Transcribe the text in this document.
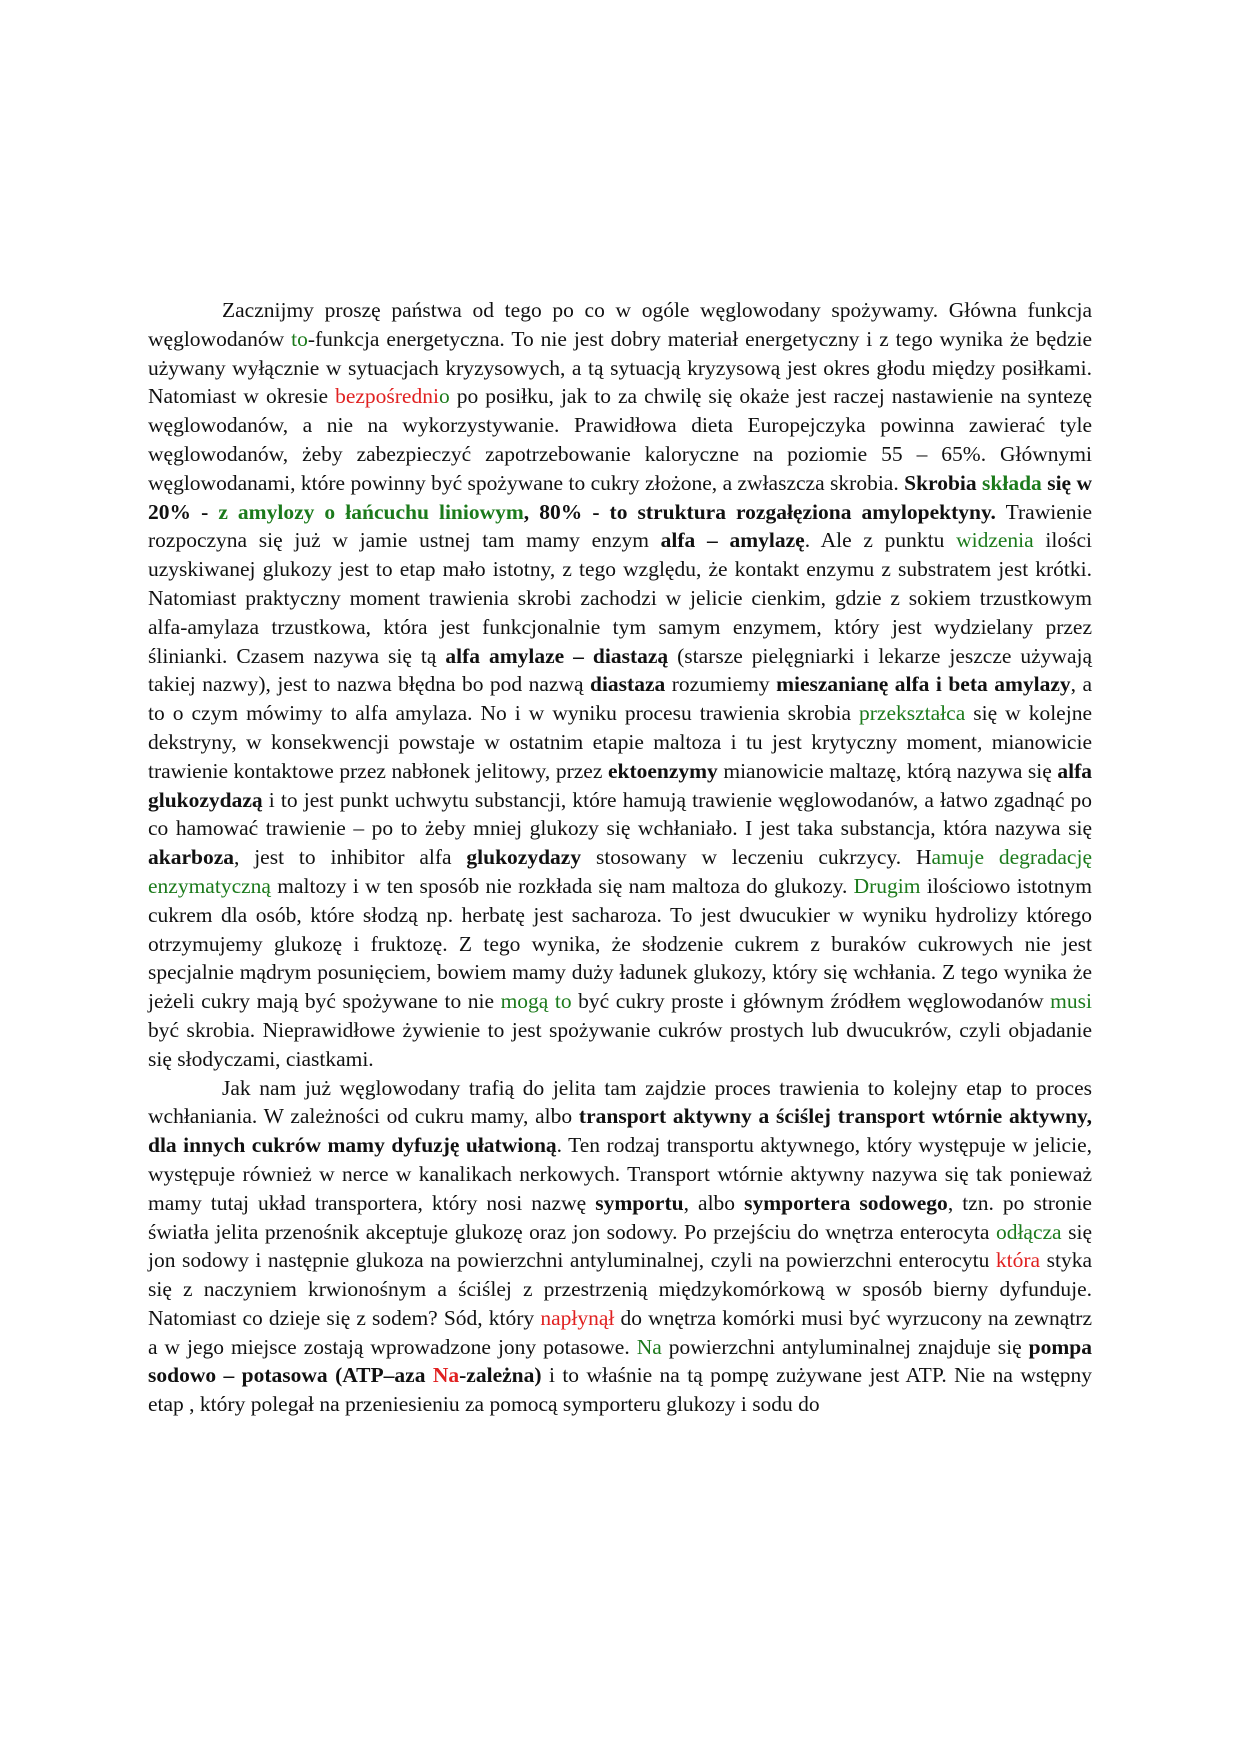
Zacznijmy proszę państwa od tego po co w ogóle węglowodany spożywamy. Główna funkcja węglowodanów to-funkcja energetyczna. To nie jest dobry materiał energetyczny i z tego wynika że będzie używany wyłącznie w sytuacjach kryzysowych, a tą sytuacją kryzysową jest okres głodu między posiłkami. Natomiast w okresie bezpośrednio po posiłku, jak to za chwilę się okaże jest raczej nastawienie na syntezę węglowodanów, a nie na wykorzystywanie. Prawidłowa dieta Europejczyka powinna zawierać tyle węglowodanów, żeby zabezpieczyć zapotrzebowanie kaloryczne na poziomie 55 – 65%. Głównymi węglowodanami, które powinny być spożywane to cukry złożone, a zwłaszcza skrobia. Skrobia składa się w 20% - z amylozy o łańcuchu liniowym, 80% - to struktura rozgałęziona amylopektyny. Trawienie rozpoczyna się już w jamie ustnej tam mamy enzym alfa – amylazę. Ale z punktu widzenia ilości uzyskiwanej glukozy jest to etap mało istotny, z tego względu, że kontakt enzymu z substratem jest krótki. Natomiast praktyczny moment trawienia skrobi zachodzi w jelicie cienkim, gdzie z sokiem trzustkowym alfa-amylaza trzustkowa, która jest funkcjonalnie tym samym enzymem, który jest wydzielany przez ślinianki. Czasem nazywa się tą alfa amylaze – diastazą (starsze pielęgniarki i lekarze jeszcze używają takiej nazwy), jest to nazwa błędna bo pod nazwą diastaza rozumiemy mieszanianę alfa i beta amylazy, a to o czym mówimy to alfa amylaza. No i w wyniku procesu trawienia skrobia przekształca się w kolejne dekstryny, w konsekwencji powstaje w ostatnim etapie maltoza i tu jest krytyczny moment, mianowicie trawienie kontaktowe przez nabłonek jelitowy, przez ektoenzymy mianowicie maltazę, którą nazywa się alfa glukozydazą i to jest punkt uchwytu substancji, które hamują trawienie węglowodanów, a łatwo zgadnąć po co hamować trawienie – po to żeby mniej glukozy się wchłaniało. I jest taka substancja, która nazywa się akarboza, jest to inhibitor alfa glukozydazy stosowany w leczeniu cukrzycy. Hamuje degradację enzymatyczną maltozy i w ten sposób nie rozkłada się nam maltoza do glukozy. Drugim ilościowo istotnym cukrem dla osób, które słodzą np. herbatę jest sacharoza. To jest dwucukier w wyniku hydrolizy którego otrzymujemy glukozę i fruktozę. Z tego wynika, że słodzenie cukrem z buraków cukrowych nie jest specjalnie mądrym posunięciem, bowiem mamy duży ładunek glukozy, który się wchłania. Z tego wynika że jeżeli cukry mają być spożywane to nie mogą to być cukry proste i głównym źródłem węglowodanów musi być skrobia. Nieprawidłowe żywienie to jest spożywanie cukrów prostych lub dwucukrów, czyli objadanie się słodyczami, ciastkami.

Jak nam już węglowodany trafią do jelita tam zajdzie proces trawienia to kolejny etap to proces wchłaniania. W zależności od cukru mamy, albo transport aktywny a ściślej transport wtórnie aktywny, dla innych cukrów mamy dyfuzję ułatwioną. Ten rodzaj transportu aktywnego, który występuje w jelicie, występuje również w nerce w kanalikach nerkowych. Transport wtórnie aktywny nazywa się tak ponieważ mamy tutaj układ transportera, który nosi nazwę symportu, albo symportera sodowego, tzn. po stronie światła jelita przenośnik akceptuje glukozę oraz jon sodowy. Po przejściu do wnętrza enterocyta odłącza się jon sodowy i następnie glukoza na powierzchni antyluminalnej, czyli na powierzchni enterocytu która styka się z naczyniem krwionośnym a ściślej z przestrzenią międzykomórkową w sposób bierny dyfunduje. Natomiast co dzieje się z sodem? Sód, który napłynął do wnętrza komórki musi być wyrzucony na zewnątrz a w jego miejsce zostają wprowadzone jony potasowe. Na powierzchni antyluminalnej znajduje się pompa sodowo – potasowa (ATP–aza Na-zależna) i to właśnie na tą pompę zużywane jest ATP. Nie na wstępny etap , który polegał na przeniesieniu za pomocą symporteru glukozy i sodu do
